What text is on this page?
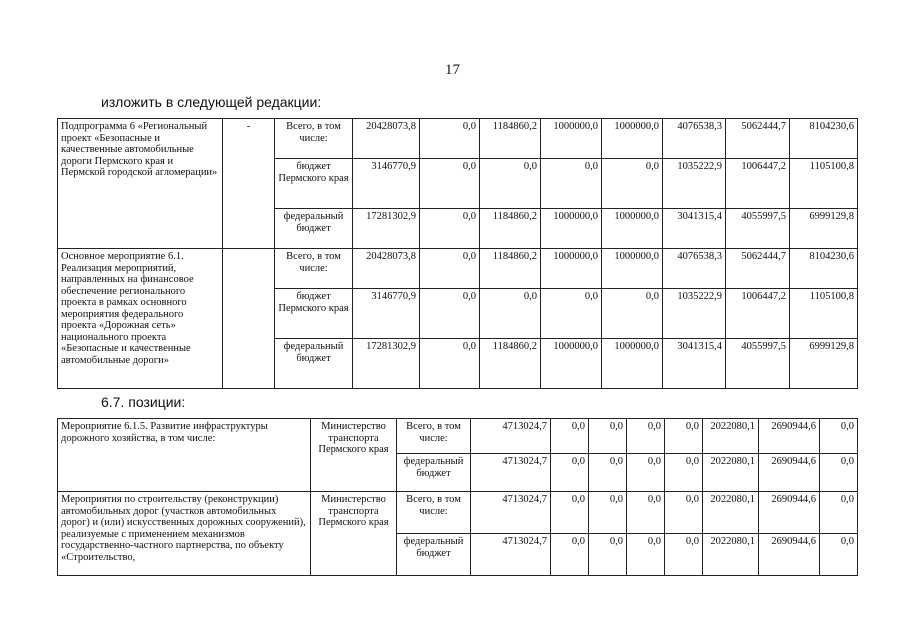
17
изложить в следующей редакции:
Подпрограмма 6 «Региональный проект «Безопасные и качественные автомобильные дороги Пермского края и Пермской городской агломерации»	-	Всего, в том числе:	20428073,8	0,0	1184860,2	1000000,0	1000000,0	4076538,3	5062444,7	8104230,6
		бюджет Пермского края	3146770,9	0,0	0,0	0,0	0,0	1035222,9	1006447,2	1105100,8
		федеральный бюджет	17281302,9	0,0	1184860,2	1000000,0	1000000,0	3041315,4	4055997,5	6999129,8
Основное мероприятие 6.1. Реализация мероприятий, направленных на финансовое обеспечение регионального проекта в рамках основного мероприятия федерального проекта «Дорожная сеть» национального проекта «Безопасные и качественные автомобильные дороги»		Всего, в том числе:	20428073,8	0,0	1184860,2	1000000,0	1000000,0	4076538,3	5062444,7	8104230,6
		бюджет Пермского края	3146770,9	0,0	0,0	0,0	0,0	1035222,9	1006447,2	1105100,8
		федеральный бюджет	17281302,9	0,0	1184860,2	1000000,0	1000000,0	3041315,4	4055997,5	6999129,8
6.7. позиции:
Мероприятие 6.1.5. Развитие инфраструктуры дорожного хозяйства, в том числе:	Министерство транспорта Пермского края	Всего, в том числе:	4713024,7	0,0	0,0	0,0	0,0	2022080,1	2690944,6	0,0
		федеральный бюджет	4713024,7	0,0	0,0	0,0	0,0	2022080,1	2690944,6	0,0
Мероприятия по строительству (реконструкции) автомобильных дорог (участков автомобильных дорог) и (или) искусственных дорожных сооружений), реализуемые с применением механизмов государственно-частного партнерства, по объекту «Строительство,	Министерство транспорта Пермского края	Всего, в том числе:	4713024,7	0,0	0,0	0,0	0,0	2022080,1	2690944,6	0,0
		федеральный бюджет	4713024,7	0,0	0,0	0,0	0,0	2022080,1	2690944,6	0,0
